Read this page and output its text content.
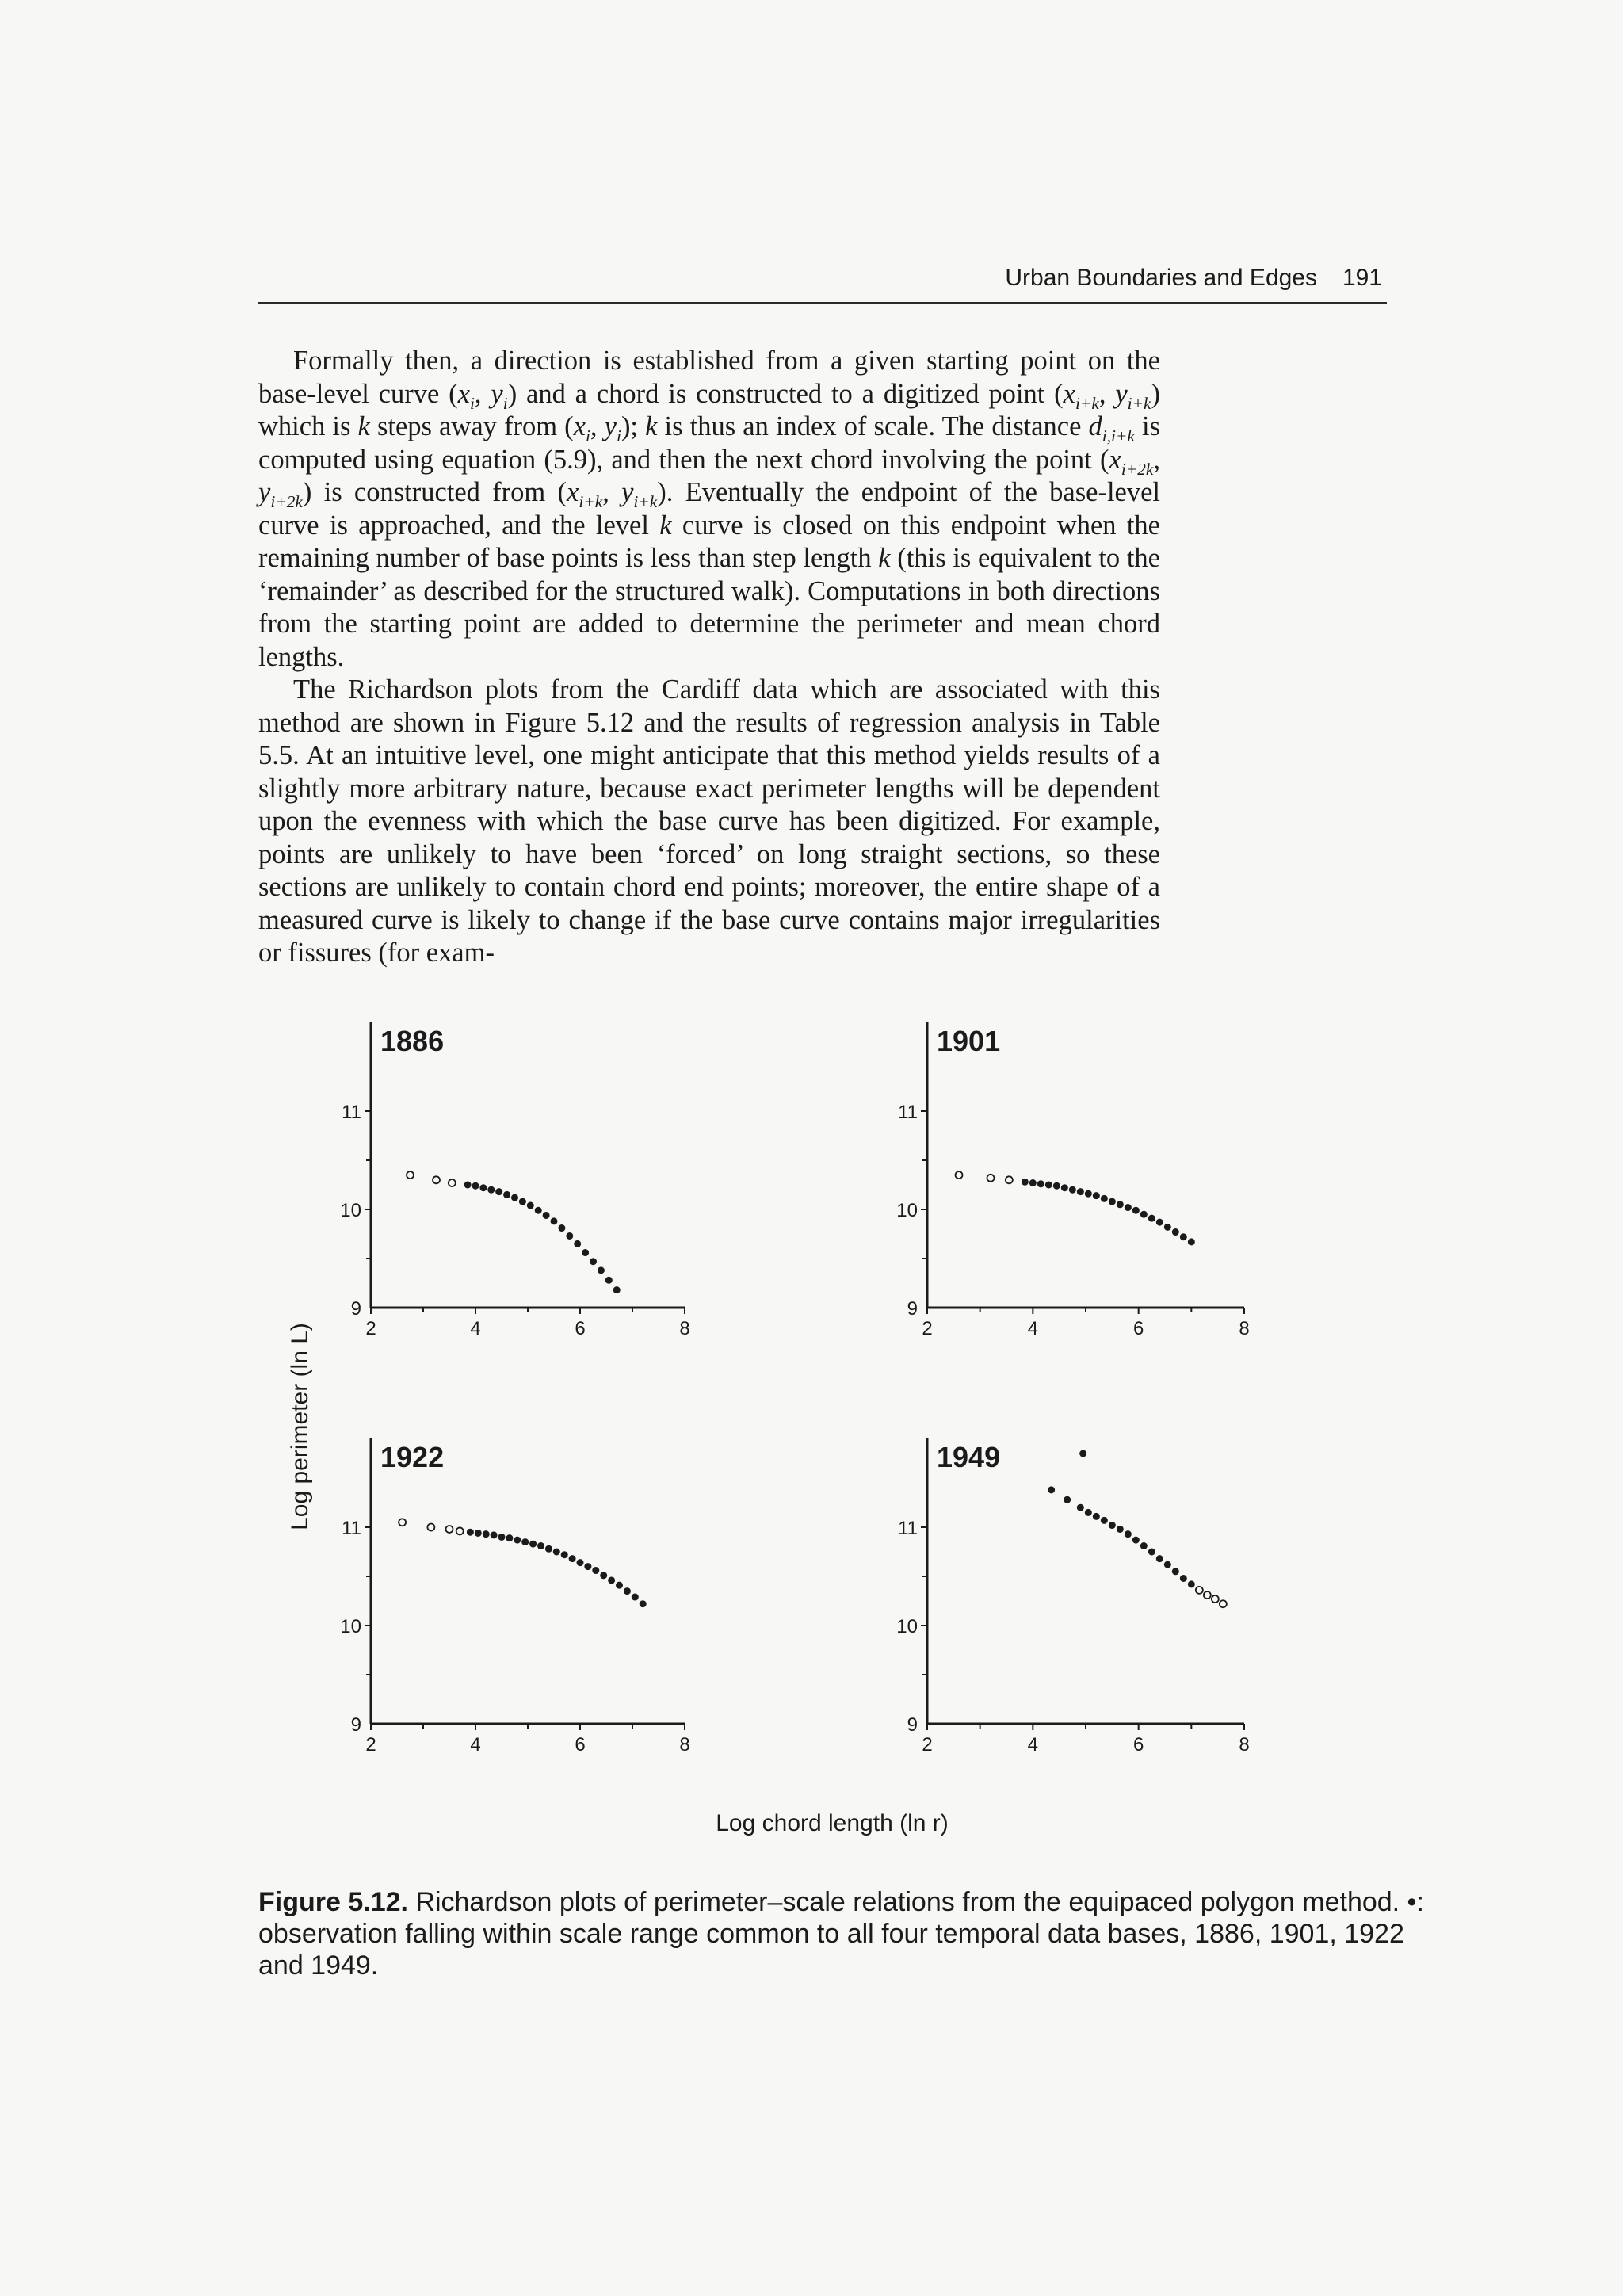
Urban Boundaries and Edges 191

Formally then, a direction is established from a given starting point on the base-level curve ($x_i$, $y_i$) and a chord is constructed to a digitized point ($x_{i+k}$, $y_{i+k}$) which is k steps away from ($x_i$, $y_i$); k is thus an index of scale. The distance $d_{i,i+k}$ is computed using equation (5.9), and then the next chord involving the point ($x_{i+2k}$, $y_{i+2k}$) is constructed from ($x_{i+k}$, $y_{i+k}$). Eventually the endpoint of the base-level curve is approached, and the level k curve is closed on this endpoint when the remaining number of base points is less than step length k (this is equivalent to the ‘remainder’ as described for the structured walk). Computations in both directions from the starting point are added to determine the perimeter and mean chord lengths.

The Richardson plots from the Cardiff data which are associated with this method are shown in Figure 5.12 and the results of regression analysis in Table 5.5. At an intuitive level, one might anticipate that this method yields results of a slightly more arbitrary nature, because exact perimeter lengths will be dependent upon the evenness with which the base curve has been digitized. For example, points are unlikely to have been ‘forced’ on long straight sections, so these sections are unlikely to contain chord end points; moreover, the entire shape of a measured curve is likely to change if the base curve contains major irregularities or fissures (for exam-

9
10
11
2	4	6	8
1886
9
10
11
2	4	6	8
1901
9
10
11
2	4	6	8
1922
9
10
11
2	4	6	8
1949
Log perimeter (ln L)
Log chord length (ln r)
Figure 5.12. Richardson plots of perimeter–scale relations from the equipaced polygon method. •: observation falling within scale range common to all four temporal data bases, 1886, 1901, 1922 and 1949.
